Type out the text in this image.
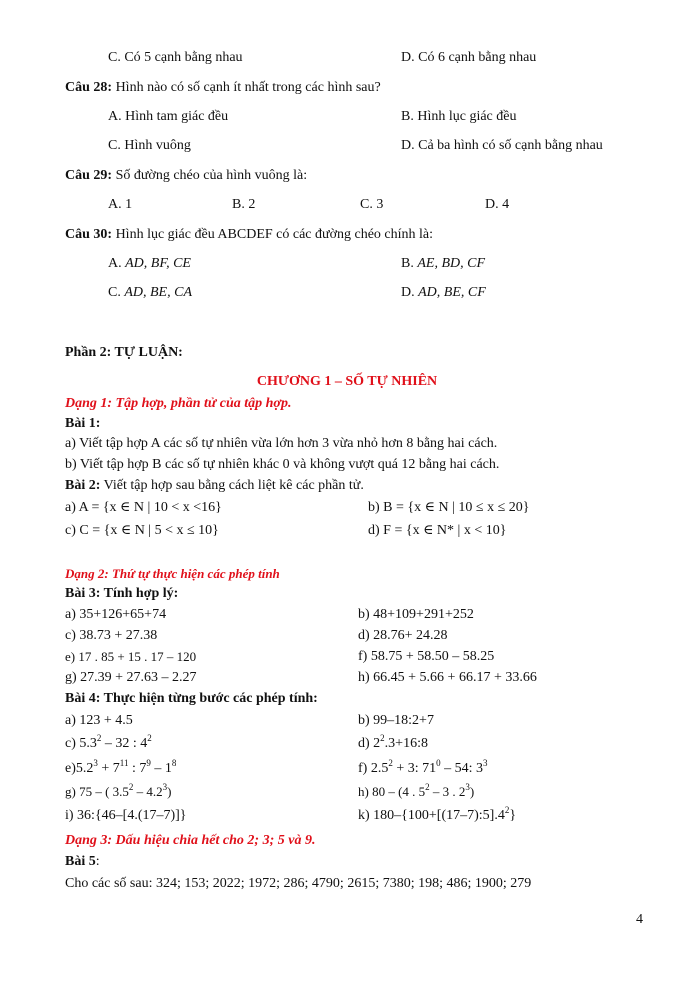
C. Có 5 cạnh bằng nhau	D. Có 6 cạnh bằng nhau
Câu 28: Hình nào có số cạnh ít nhất trong các hình sau?
A. Hình tam giác đều	B. Hình lục giác đều
C. Hình vuông	D. Cả ba hình có số cạnh bằng nhau
Câu 29: Số đường chéo của hình vuông là:
A. 1	B. 2	C. 3	D. 4
Câu 30: Hình lục giác đều ABCDEF có các đường chéo chính là:
A. AD, BF, CE	B. AE, BD, CF
C. AD, BE, CA	D. AD, BE, CF
Phần 2: TỰ LUẬN:
CHƯƠNG 1 – SỐ TỰ NHIÊN
Dạng 1: Tập hợp, phần tử của tập hợp.
Bài 1:
a) Viết tập hợp A các số tự nhiên vừa lớn hơn 3 vừa nhỏ hơn 8 bằng hai cách.
b) Viết tập hợp B các số tự nhiên khác 0 và không vượt quá 12 bằng hai cách.
Bài 2: Viết tập hợp sau bằng cách liệt kê các phần tử.
a) A = {x ∈ N | 10 < x <16}	b) B = {x ∈ N | 10 ≤ x ≤ 20}
c) C = {x ∈ N | 5 < x ≤ 10}	d) F = {x ∈ N* | x < 10}
Dạng 2: Thứ tự thực hiện các phép tính
Bài 3: Tính hợp lý:
a) 35+126+65+74	b) 48+109+291+252
c) 38.73 + 27.38	d) 28.76+ 24.28
e) 17 . 85 + 15 . 17 – 120	f) 58.75 + 58.50 – 58.25
g) 27.39 + 27.63 – 2.27	h) 66.45 + 5.66 + 66.17 + 33.66
Bài 4: Thực hiện từng bước các phép tính:
a) 123 + 4.5	b) 99–18:2+7
c) $5.3^2 - 32$ : $4^2$	d) $2^2.3+16:8$
$e)5.2^3 + 7^{11}$ : $7^9 - 1^8$	f) $2.5^2 + 3$: $71^0 - 54$: $3^3$
g) 75 – ( $3.5^2 - 4.2^3$)	h) 80 – (4 . $5^2 - 3$ . $2^3$)
i) 36:{46–[4.(17–7)]}	k) $180-\{100+[(17-7):5].4^2\}$
Dạng 3: Dấu hiệu chia hết cho 2; 3; 5 và 9.
Bài 5:
Cho các số sau: 324; 153; 2022; 1972; 286; 4790; 2615; 7380; 198; 486; 1900; 279
4
